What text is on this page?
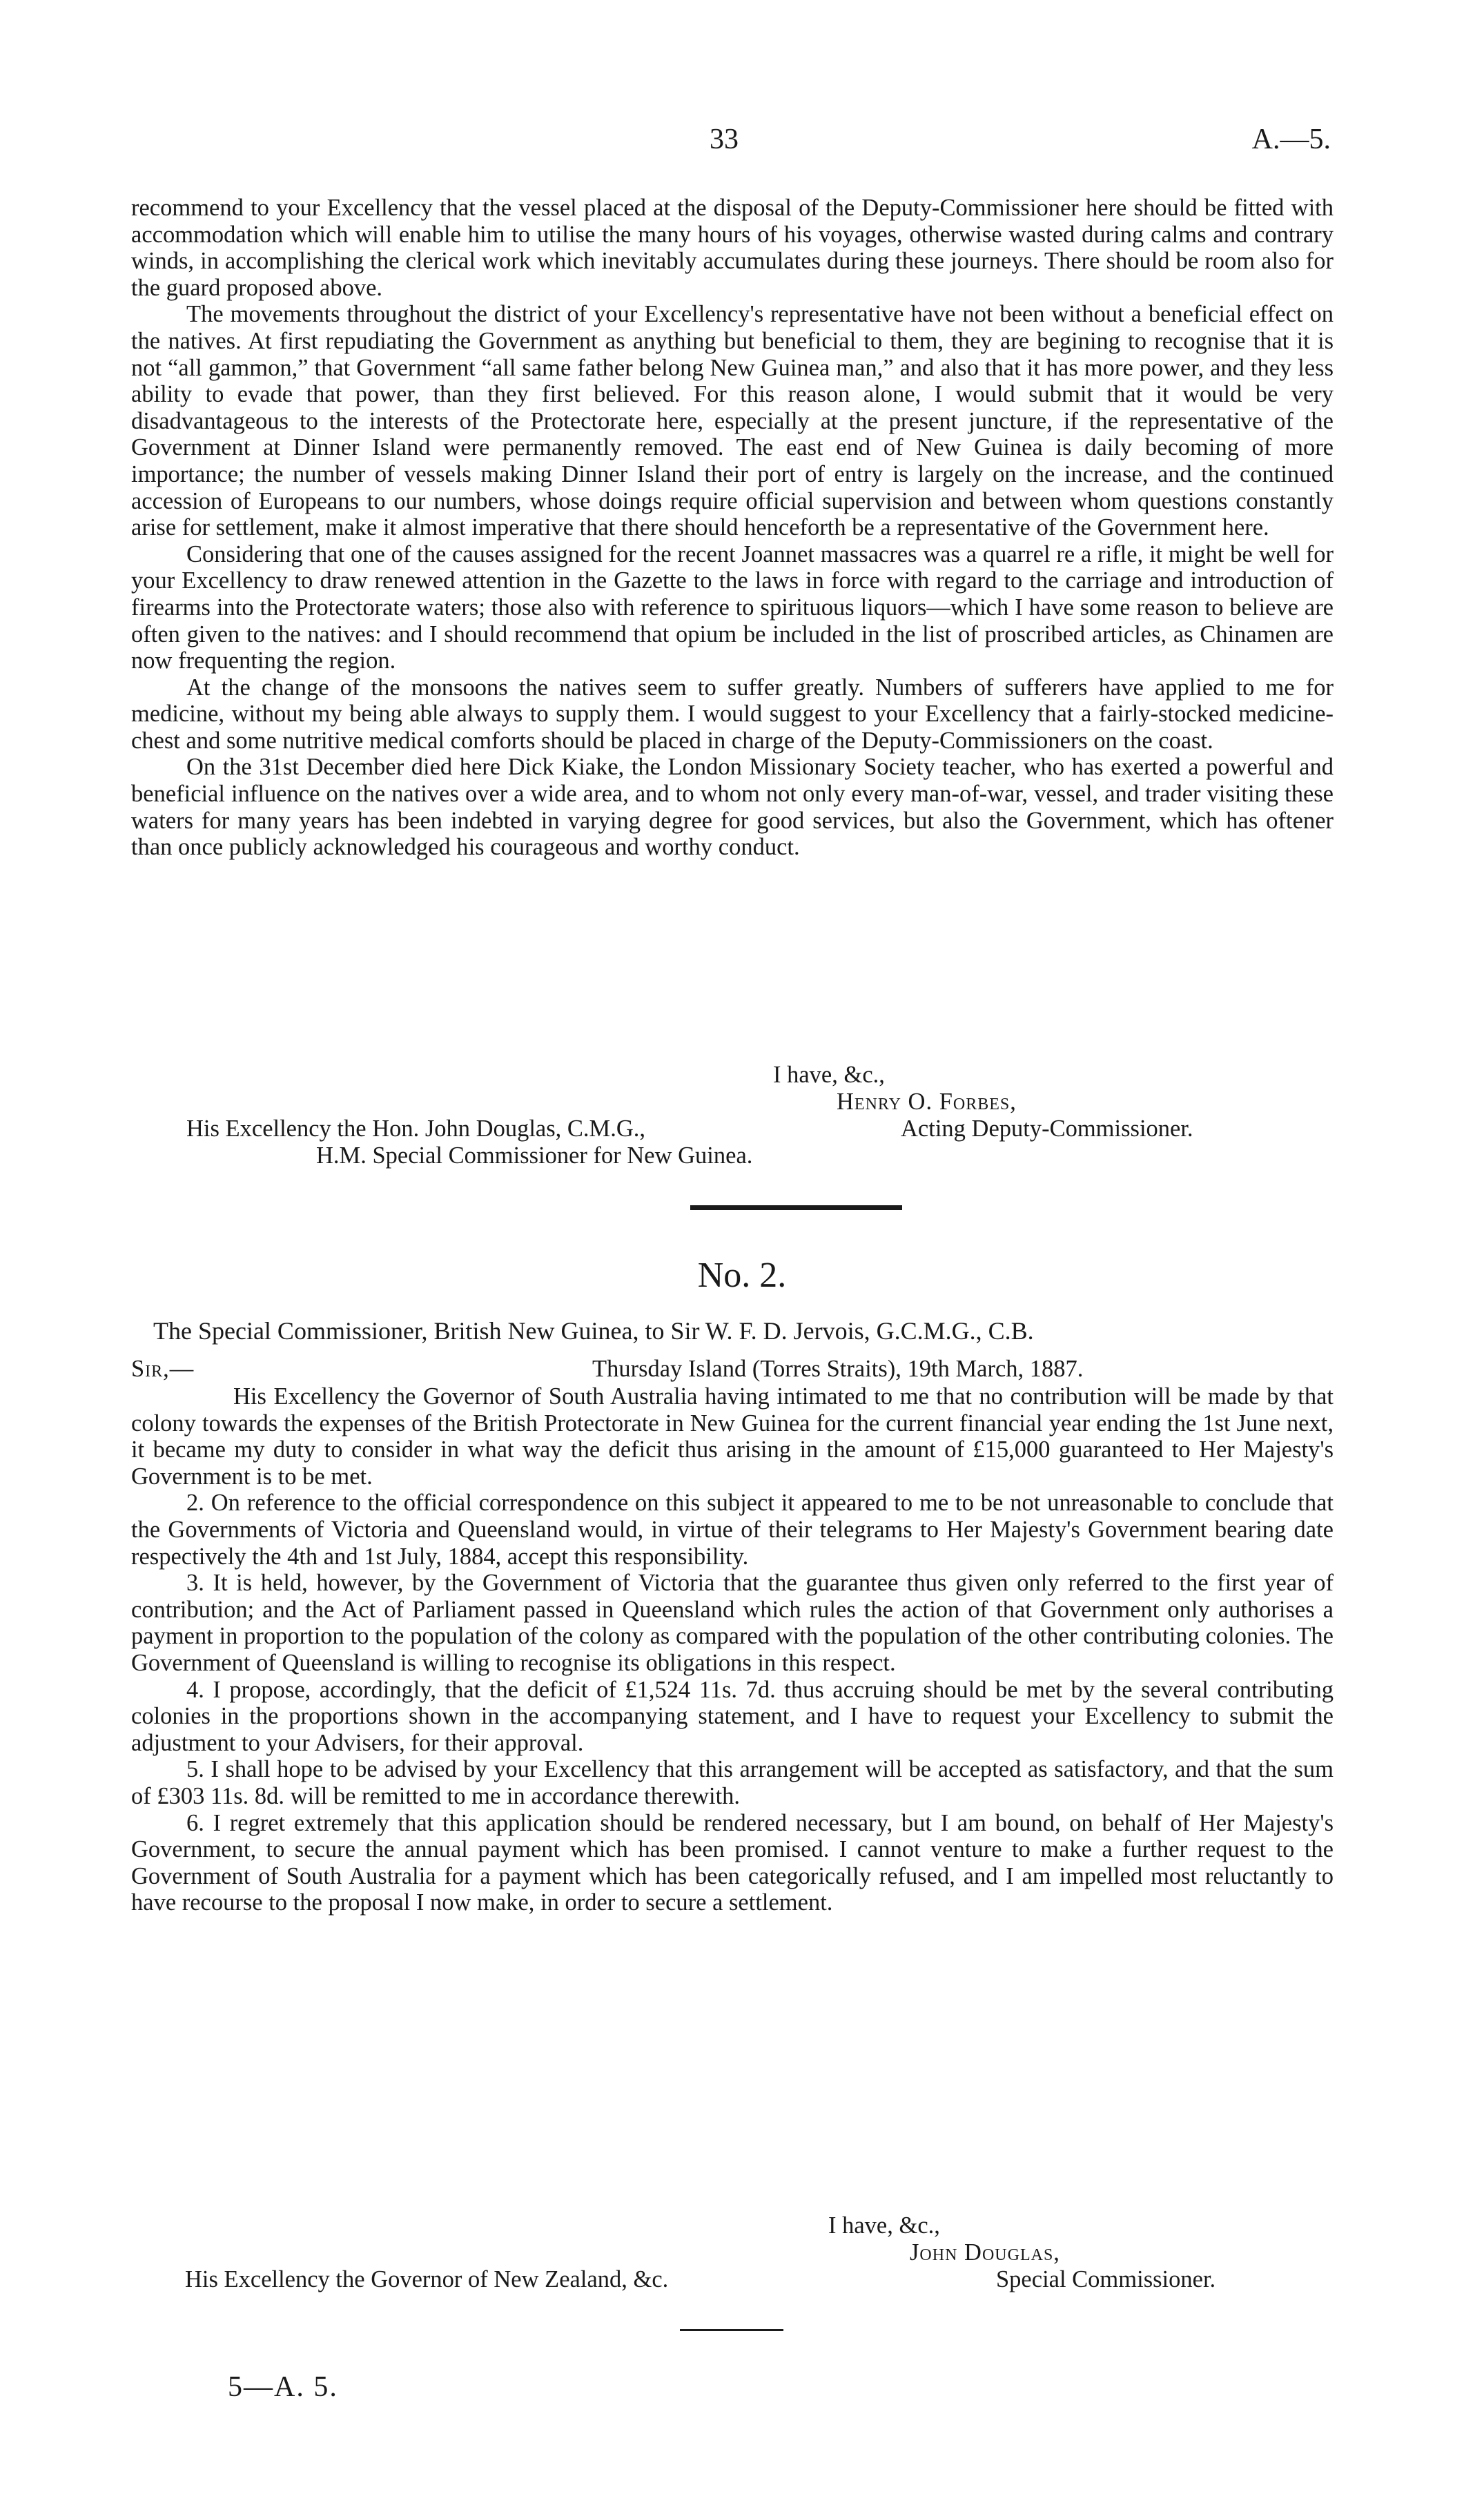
33	A.—5.

recommend to your Excellency that the vessel placed at the disposal of the Deputy-Commissioner here should be fitted with accommodation which will enable him to utilise the many hours of his voyages, otherwise wasted during calms and contrary winds, in accomplishing the clerical work which inevitably accumulates during these journeys. There should be room also for the guard proposed above.

The movements throughout the district of your Excellency's representative have not been without a beneficial effect on the natives. At first repudiating the Government as anything but beneficial to them, they are begining to recognise that it is not “all gammon,” that Government “all same father belong New Guinea man,” and also that it has more power, and they less ability to evade that power, than they first believed. For this reason alone, I would submit that it would be very disadvantageous to the interests of the Protectorate here, especially at the present juncture, if the representative of the Government at Dinner Island were permanently removed. The east end of New Guinea is daily becoming of more importance; the number of vessels making Dinner Island their port of entry is largely on the increase, and the continued accession of Europeans to our numbers, whose doings require official supervision and between whom questions constantly arise for settlement, make it almost imperative that there should henceforth be a representative of the Government here.

Considering that one of the causes assigned for the recent Joannet massacres was a quarrel re a rifle, it might be well for your Excellency to draw renewed attention in the Gazette to the laws in force with regard to the carriage and introduction of firearms into the Protectorate waters; those also with reference to spirituous liquors—which I have some reason to believe are often given to the natives: and I should recommend that opium be included in the list of proscribed articles, as Chinamen are now frequenting the region.

At the change of the monsoons the natives seem to suffer greatly. Numbers of sufferers have applied to me for medicine, without my being able always to supply them. I would suggest to your Excellency that a fairly-stocked medicine-chest and some nutritive medical comforts should be placed in charge of the Deputy-Commissioners on the coast.

On the 31st December died here Dick Kiake, the London Missionary Society teacher, who has exerted a powerful and beneficial influence on the natives over a wide area, and to whom not only every man-of-war, vessel, and trader visiting these waters for many years has been indebted in varying degree for good services, but also the Government, which has oftener than once publicly acknowledged his courageous and worthy conduct.

I have, &c.,
Henry O. Forbes,
His Excellency the Hon. John Douglas, C.M.G.,	Acting Deputy-Commissioner.
H.M. Special Commissioner for New Guinea.
No. 2.
The Special Commissioner, British New Guinea, to Sir W. F. D. Jervois, G.C.M.G., C.B.
Sir,—	Thursday Island (Torres Straits), 19th March, 1887.

His Excellency the Governor of South Australia having intimated to me that no contribution will be made by that colony towards the expenses of the British Protectorate in New Guinea for the current financial year ending the 1st June next, it became my duty to consider in what way the deficit thus arising in the amount of £15,000 guaranteed to Her Majesty's Government is to be met.

2. On reference to the official correspondence on this subject it appeared to me to be not unreasonable to conclude that the Governments of Victoria and Queensland would, in virtue of their telegrams to Her Majesty's Government bearing date respectively the 4th and 1st July, 1884, accept this responsibility.

3. It is held, however, by the Government of Victoria that the guarantee thus given only referred to the first year of contribution; and the Act of Parliament passed in Queensland which rules the action of that Government only authorises a payment in proportion to the population of the colony as compared with the population of the other contributing colonies. The Government of Queensland is willing to recognise its obligations in this respect.

4. I propose, accordingly, that the deficit of £1,524 11s. 7d. thus accruing should be met by the several contributing colonies in the proportions shown in the accompanying statement, and I have to request your Excellency to submit the adjustment to your Advisers, for their approval.

5. I shall hope to be advised by your Excellency that this arrangement will be accepted as satisfactory, and that the sum of £303 11s. 8d. will be remitted to me in accordance therewith.

6. I regret extremely that this application should be rendered necessary, but I am bound, on behalf of Her Majesty's Government, to secure the annual payment which has been promised. I cannot venture to make a further request to the Government of South Australia for a payment which has been categorically refused, and I am impelled most reluctantly to have recourse to the proposal I now make, in order to secure a settlement.

I have, &c.,
John Douglas,
His Excellency the Governor of New Zealand, &c.	Special Commissioner.
5—A. 5.
